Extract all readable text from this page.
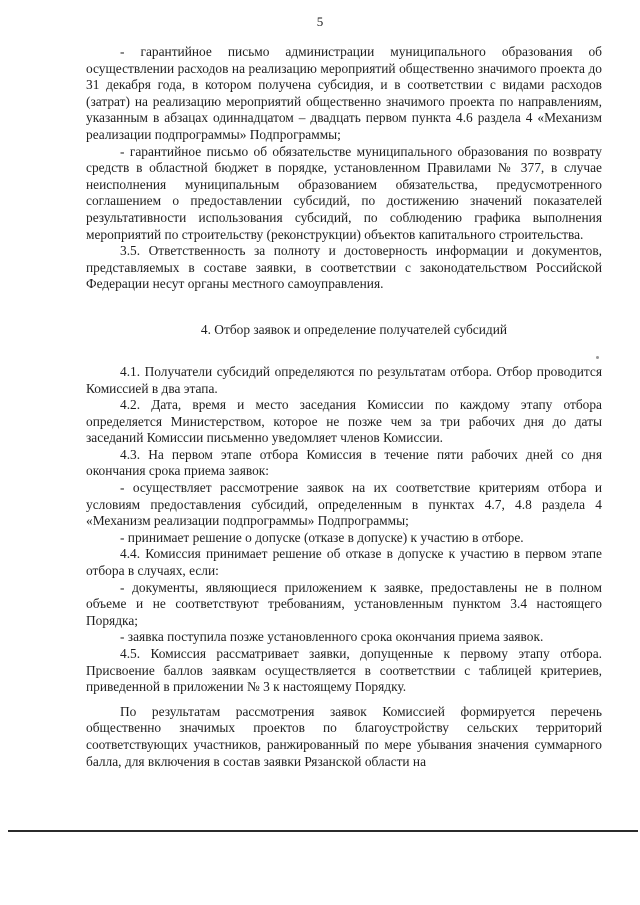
5

- гарантийное письмо администрации муниципального образования об осуществлении расходов на реализацию мероприятий общественно значимого проекта до 31 декабря года, в котором получена субсидия, и в соответствии с видами расходов (затрат) на реализацию мероприятий общественно значимого проекта по направлениям, указанным в абзацах одиннадцатом – двадцать первом пункта 4.6 раздела 4 «Механизм реализации подпрограммы» Подпрограммы;

- гарантийное письмо об обязательстве муниципального образования по возврату средств в областной бюджет в порядке, установленном Правилами № 377, в случае неисполнения муниципальным образованием обязательства, предусмотренного соглашением о предоставлении субсидий, по достижению значений показателей результативности использования субсидий, по соблюдению графика выполнения мероприятий по строительству (реконструкции) объектов капитального строительства.

3.5. Ответственность за полноту и достоверность информации и документов, представляемых в составе заявки, в соответствии с законодательством Российской Федерации несут органы местного самоуправления.

4. Отбор заявок и определение получателей субсидий

4.1. Получатели субсидий определяются по результатам отбора. Отбор проводится Комиссией в два этапа.

4.2. Дата, время и место заседания Комиссии по каждому этапу отбора определяется Министерством, которое не позже чем за три рабочих дня до даты заседаний Комиссии письменно уведомляет членов Комиссии.

4.3. На первом этапе отбора Комиссия в течение пяти рабочих дней со дня окончания срока приема заявок:

- осуществляет рассмотрение заявок на их соответствие критериям отбора и условиям предоставления субсидий, определенным в пунктах 4.7, 4.8 раздела 4 «Механизм реализации подпрограммы» Подпрограммы;

- принимает решение о допуске (отказе в допуске) к участию в отборе.

4.4. Комиссия принимает решение об отказе в допуске к участию в первом этапе отбора в случаях, если:

- документы, являющиеся приложением к заявке, предоставлены не в полном объеме и не соответствуют требованиям, установленным пунктом 3.4 настоящего Порядка;

- заявка поступила позже установленного срока окончания приема заявок.

4.5. Комиссия рассматривает заявки, допущенные к первому этапу отбора. Присвоение баллов заявкам осуществляется в соответствии с таблицей критериев, приведенной в приложении № 3 к настоящему Порядку.

По результатам рассмотрения заявок Комиссией формируется перечень общественно значимых проектов по благоустройству сельских территорий соответствующих участников, ранжированный по мере убывания значения суммарного балла, для включения в состав заявки Рязанской области на
